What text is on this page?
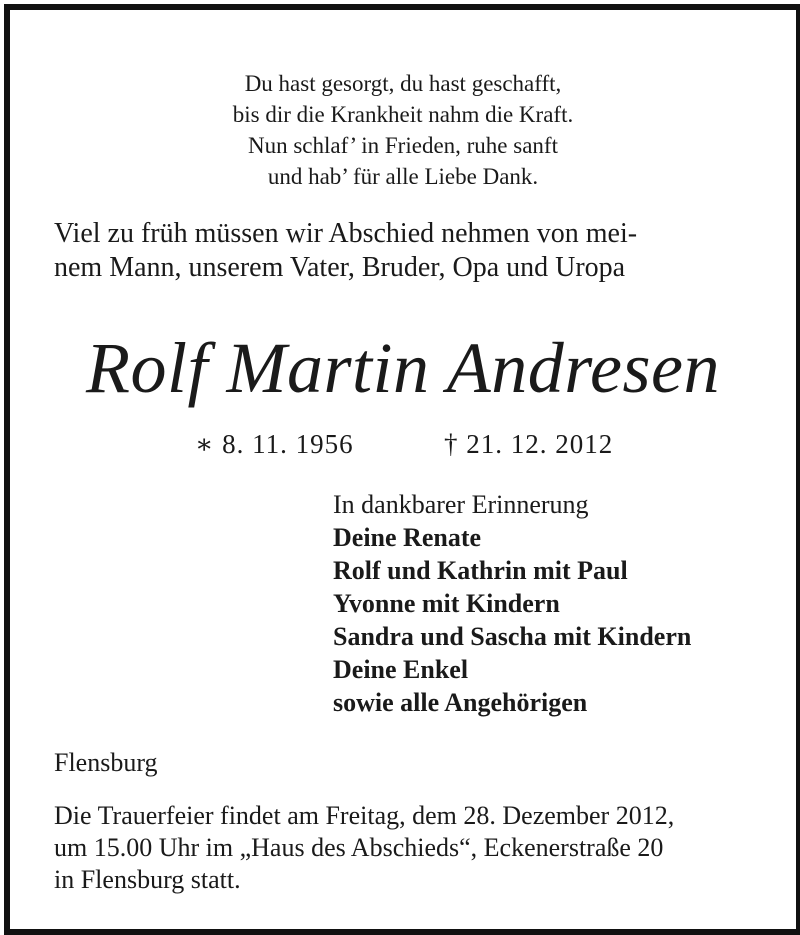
Du hast gesorgt, du hast geschafft,
bis dir die Krankheit nahm die Kraft.
Nun schlaf’ in Frieden, ruhe sanft
und hab’ für alle Liebe Dank.
Viel zu früh müssen wir Abschied nehmen von mei-
nem Mann, unserem Vater, Bruder, Opa und Uropa
Rolf Martin Andresen
∗ 8. 11. 1956	† 21. 12. 2012
In dankbarer Erinnerung
Deine Renate
Rolf und Kathrin mit Paul
Yvonne mit Kindern
Sandra und Sascha mit Kindern
Deine Enkel
sowie alle Angehörigen
Flensburg
Die Trauerfeier findet am Freitag, dem 28. Dezember 2012,
um 15.00 Uhr im „Haus des Abschieds“, Eckenerstraße 20
in Flensburg statt.
